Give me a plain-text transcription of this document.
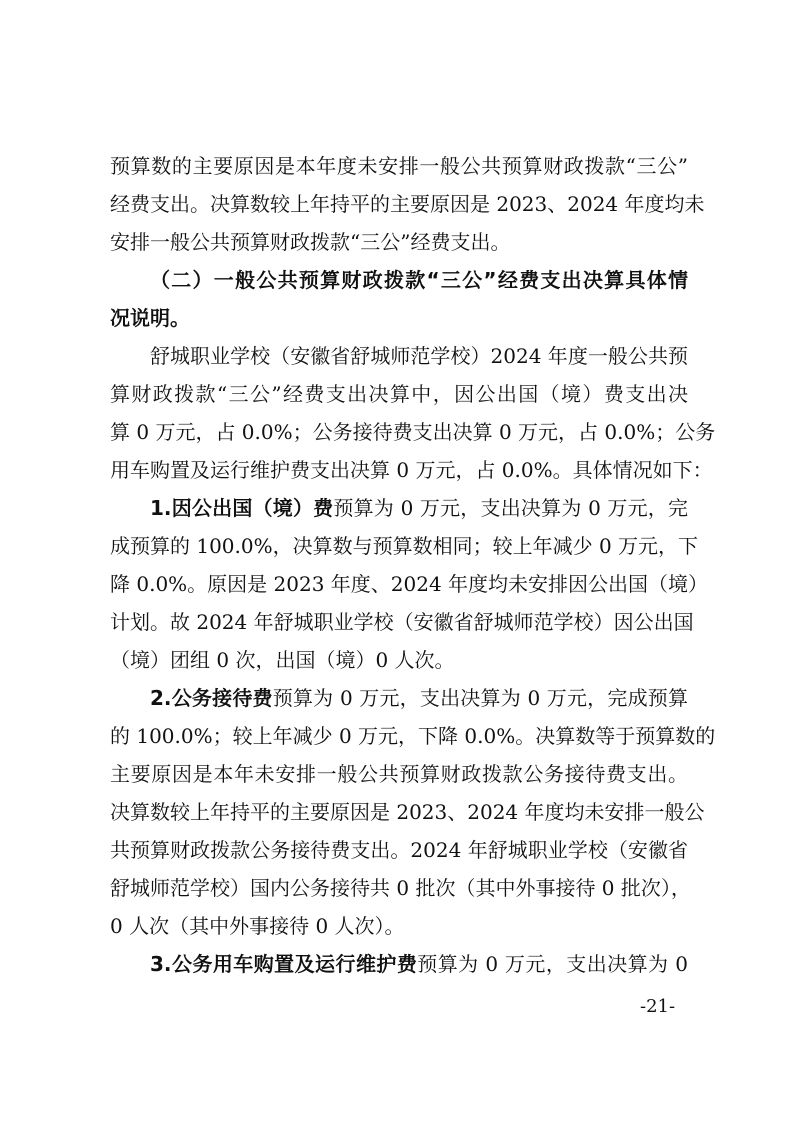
预算数的主要原因是本年度未安排一般公共预算财政拨款“三公”
经费支出。决算数较上年持平的主要原因是 2023、2024 年度均未
安排一般公共预算财政拨款“三公”经费支出。
（二）一般公共预算财政拨款“三公”经费支出决算具体情
况说明。
舒城职业学校（安徽省舒城师范学校）2024 年度一般公共预
算财政拨款“三公”经费支出决算中，因公出国（境）费支出决
算 0 万元，占 0.0%；公务接待费支出决算 0 万元，占 0.0%；公务
用车购置及运行维护费支出决算 0 万元，占 0.0%。具体情况如下：
1.因公出国（境）费预算为 0 万元，支出决算为 0 万元，完
成预算的 100.0%，决算数与预算数相同；较上年减少 0 万元，下
降 0.0%。原因是 2023 年度、2024 年度均未安排因公出国（境）
计划。故 2024 年舒城职业学校（安徽省舒城师范学校）因公出国
（境）团组 0 次，出国（境）0 人次。
2.公务接待费预算为 0 万元，支出决算为 0 万元，完成预算
的 100.0%；较上年减少 0 万元，下降 0.0%。决算数等于预算数的
主要原因是本年未安排一般公共预算财政拨款公务接待费支出。
决算数较上年持平的主要原因是 2023、2024 年度均未安排一般公
共预算财政拨款公务接待费支出。2024 年舒城职业学校（安徽省
舒城师范学校）国内公务接待共 0 批次（其中外事接待 0 批次），
0 人次（其中外事接待 0 人次）。
3.公务用车购置及运行维护费预算为 0 万元，支出决算为 0
-21-
